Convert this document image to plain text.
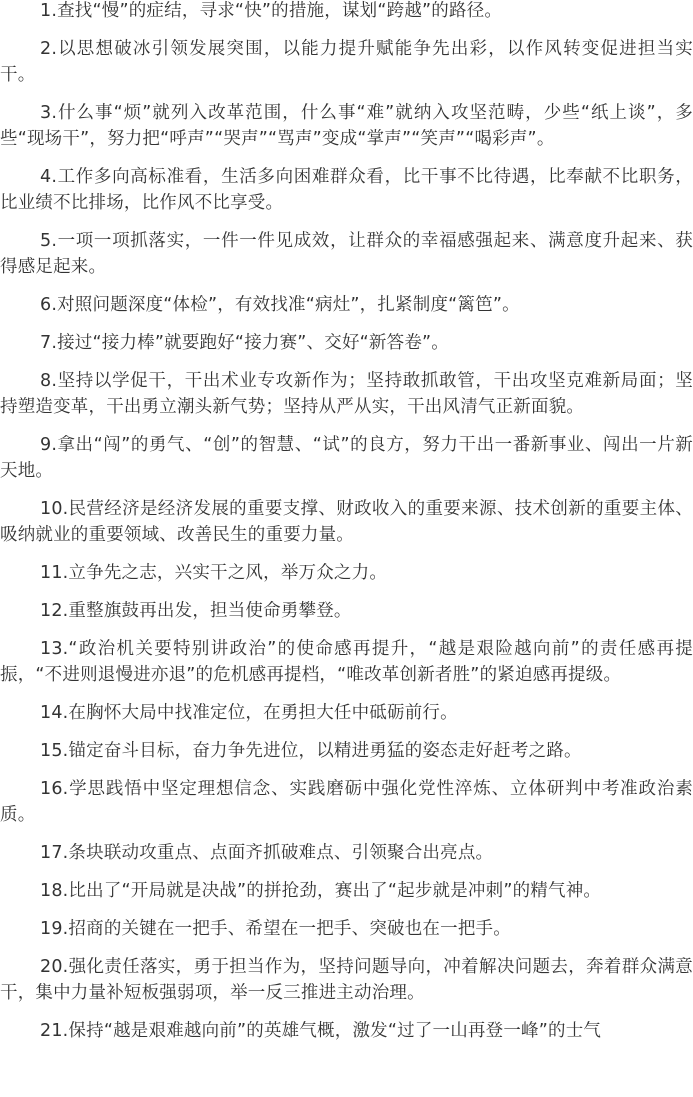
1.查找“慢”的症结，寻求“快”的措施，谋划“跨越”的路径。

2.以思想破冰引领发展突围，以能力提升赋能争先出彩，以作风转变促进担当实干。

3.什么事“烦”就列入改革范围，什么事“难”就纳入攻坚范畴，少些“纸上谈”，多些“现场干”，努力把“呼声”“哭声”“骂声”变成“掌声”“笑声”“喝彩声”。

4.工作多向高标准看，生活多向困难群众看，比干事不比待遇，比奉献不比职务，比业绩不比排场，比作风不比享受。

5.一项一项抓落实，一件一件见成效，让群众的幸福感强起来、满意度升起来、获得感足起来。

6.对照问题深度“体检”，有效找准“病灶”，扎紧制度“篱笆”。

7.接过“接力棒”就要跑好“接力赛”、交好“新答卷”。

8.坚持以学促干，干出术业专攻新作为；坚持敢抓敢管，干出攻坚克难新局面；坚持塑造变革，干出勇立潮头新气势；坚持从严从实，干出风清气正新面貌。

9.拿出“闯”的勇气、“创”的智慧、“试”的良方，努力干出一番新事业、闯出一片新天地。

10.民营经济是经济发展的重要支撑、财政收入的重要来源、技术创新的重要主体、吸纳就业的重要领域、改善民生的重要力量。

11.立争先之志，兴实干之风，举万众之力。

12.重整旗鼓再出发，担当使命勇攀登。

13.“政治机关要特别讲政治”的使命感再提升，“越是艰险越向前”的责任感再提振，“不进则退慢进亦退”的危机感再提档，“唯改革创新者胜”的紧迫感再提级。

14.在胸怀大局中找准定位，在勇担大任中砥砺前行。

15.锚定奋斗目标，奋力争先进位，以精进勇猛的姿态走好赶考之路。

16.学思践悟中坚定理想信念、实践磨砺中强化党性淬炼、立体研判中考准政治素质。

17.条块联动攻重点、点面齐抓破难点、引领聚合出亮点。

18.比出了“开局就是决战”的拼抢劲，赛出了“起步就是冲刺”的精气神。

19.招商的关键在一把手、希望在一把手、突破也在一把手。

20.强化责任落实，勇于担当作为，坚持问题导向，冲着解决问题去，奔着群众满意干，集中力量补短板强弱项，举一反三推进主动治理。

21.保持“越是艰难越向前”的英雄气概，激发“过了一山再登一峰”的士气
